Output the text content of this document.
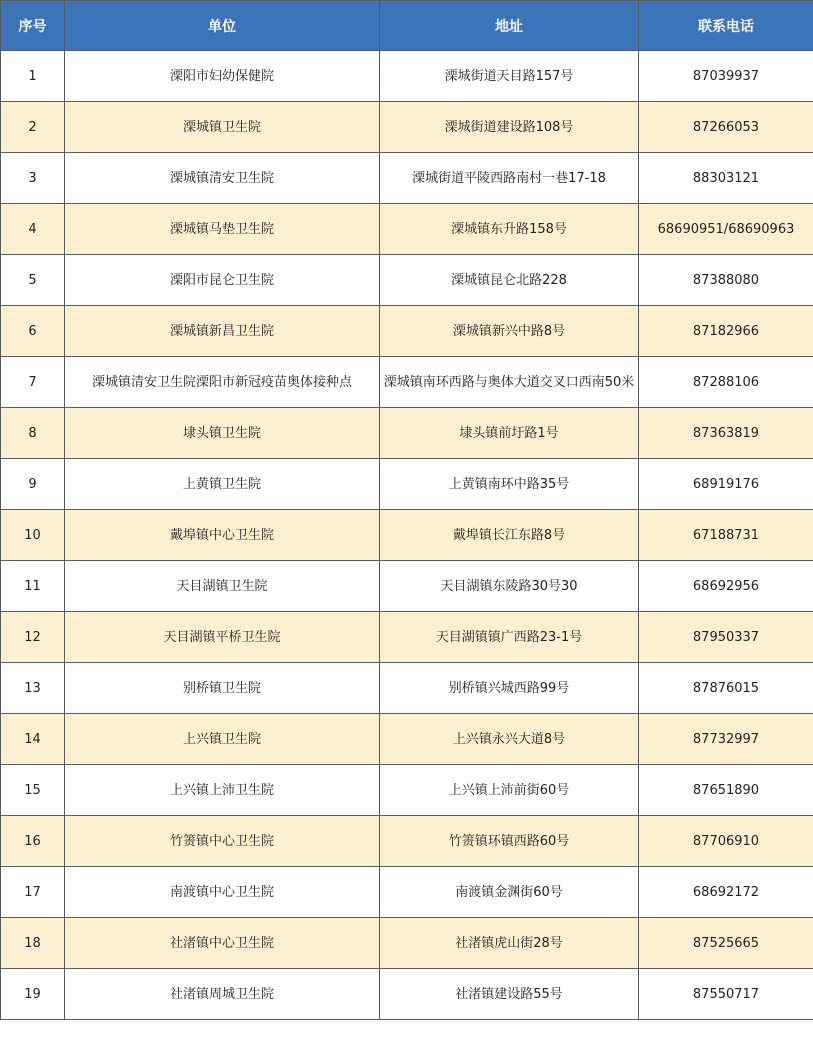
序号	单位	地址	联系电话
1	溧阳市妇幼保健院	溧城街道天目路157号	87039937
2	溧城镇卫生院	溧城街道建设路108号	87266053
3	溧城镇清安卫生院	溧城街道平陵西路南村一巷17-18	88303121
4	溧城镇马垫卫生院	溧城镇东升路158号	68690951/68690963
5	溧阳市昆仑卫生院	溧城镇昆仑北路228	87388080
6	溧城镇新昌卫生院	溧城镇新兴中路8号	87182966
7	溧城镇清安卫生院溧阳市新冠疫苗奥体接种点	溧城镇南环西路与奥体大道交叉口西南50米	87288106
8	埭头镇卫生院	埭头镇前圩路1号	87363819
9	上黄镇卫生院	上黄镇南环中路35号	68919176
10	戴埠镇中心卫生院	戴埠镇长江东路8号	67188731
11	天目湖镇卫生院	天目湖镇东陵路30号30	68692956
12	天目湖镇平桥卫生院	天目湖镇镇广西路23-1号	87950337
13	别桥镇卫生院	别桥镇兴城西路99号	87876015
14	上兴镇卫生院	上兴镇永兴大道8号	87732997
15	上兴镇上沛卫生院	上兴镇上沛前街60号	87651890
16	竹箦镇中心卫生院	竹箦镇环镇西路60号	87706910
17	南渡镇中心卫生院	南渡镇金渊街60号	68692172
18	社渚镇中心卫生院	社渚镇虎山街28号	87525665
19	社渚镇周城卫生院	社渚镇建设路55号	87550717
